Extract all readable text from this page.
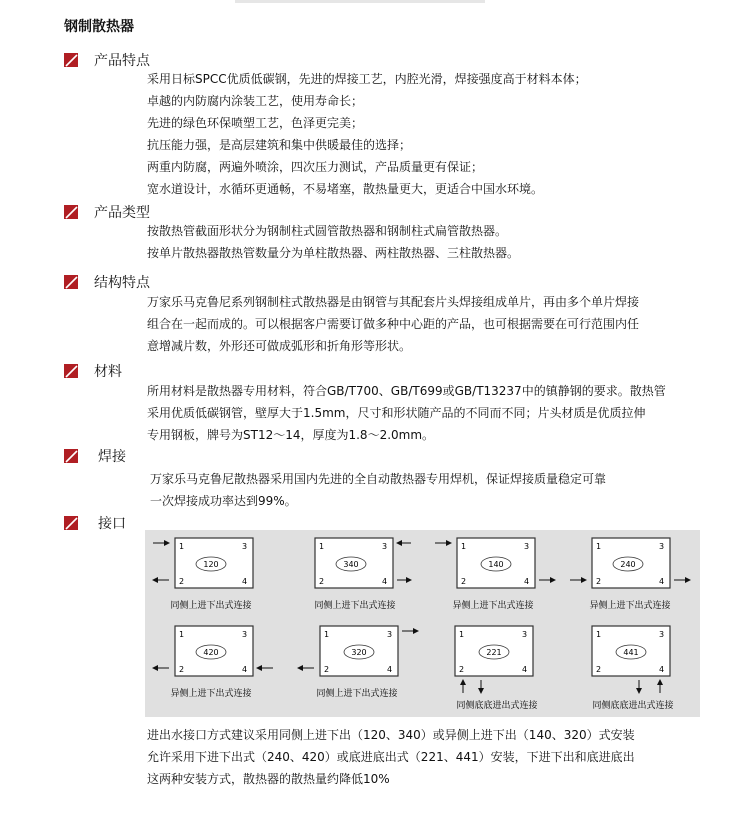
钢制散热器
产品特点
采用日标SPCC优质低碳钢，先进的焊接工艺，内腔光滑，焊接强度高于材料本体；
卓越的内防腐内涂装工艺，使用寿命长；
先进的绿色环保喷塑工艺，色泽更完美；
抗压能力强，是高层建筑和集中供暖最佳的选择；
两重内防腐，两遍外喷涂，四次压力测试，产品质量更有保证；
宽水道设计，水循环更通畅，不易堵塞，散热量更大，更适合中国水环境。
产品类型
按散热管截面形状分为钢制柱式圆管散热器和钢制柱式扁管散热器。
按单片散热器散热管数量分为单柱散热器、两柱散热器、三柱散热器。
结构特点
万家乐马克鲁尼系列钢制柱式散热器是由钢管与其配套片头焊接组成单片，再由多个单片焊接
组合在一起而成的。可以根据客户需要订做多种中心距的产品，也可根据需要在可行范围内任
意增减片数，外形还可做成弧形和折角形等形状。
材料
所用材料是散热器专用材料，符合GB/T700、GB/T699或GB/T13237中的镇静钢的要求。散热管
采用优质低碳钢管，壁厚大于1.5mm，尺寸和形状随产品的不同而不同；片头材质是优质拉伸
专用钢板，牌号为ST12～14，厚度为1.8～2.0mm。
焊接
万家乐马克鲁尼散热器采用国内先进的全自动散热器专用焊机，保证焊接质量稳定可靠
一次焊接成功率达到99%。
接口
1	3
2	4
120
同侧上进下出式连接
1	3
2	4
340
同侧上进下出式连接
1	3
2	4
140
异侧上进下出式连接
1	3
2	4
240
异侧上进下出式连接
1	3
2	4
420
异侧上进下出式连接
1	3
2	4
320
同侧上进下出式连接
1	3
2	4
221
同侧底底进出式连接
1	3
2	4
441
同侧底底进出式连接
进出水接口方式建议采用同侧上进下出（120、340）或异侧上进下出（140、320）式安装
允许采用下进下出式（240、420）或底进底出式（221、441）安装，下进下出和底进底出
这两种安装方式，散热器的散热量约降低10%
